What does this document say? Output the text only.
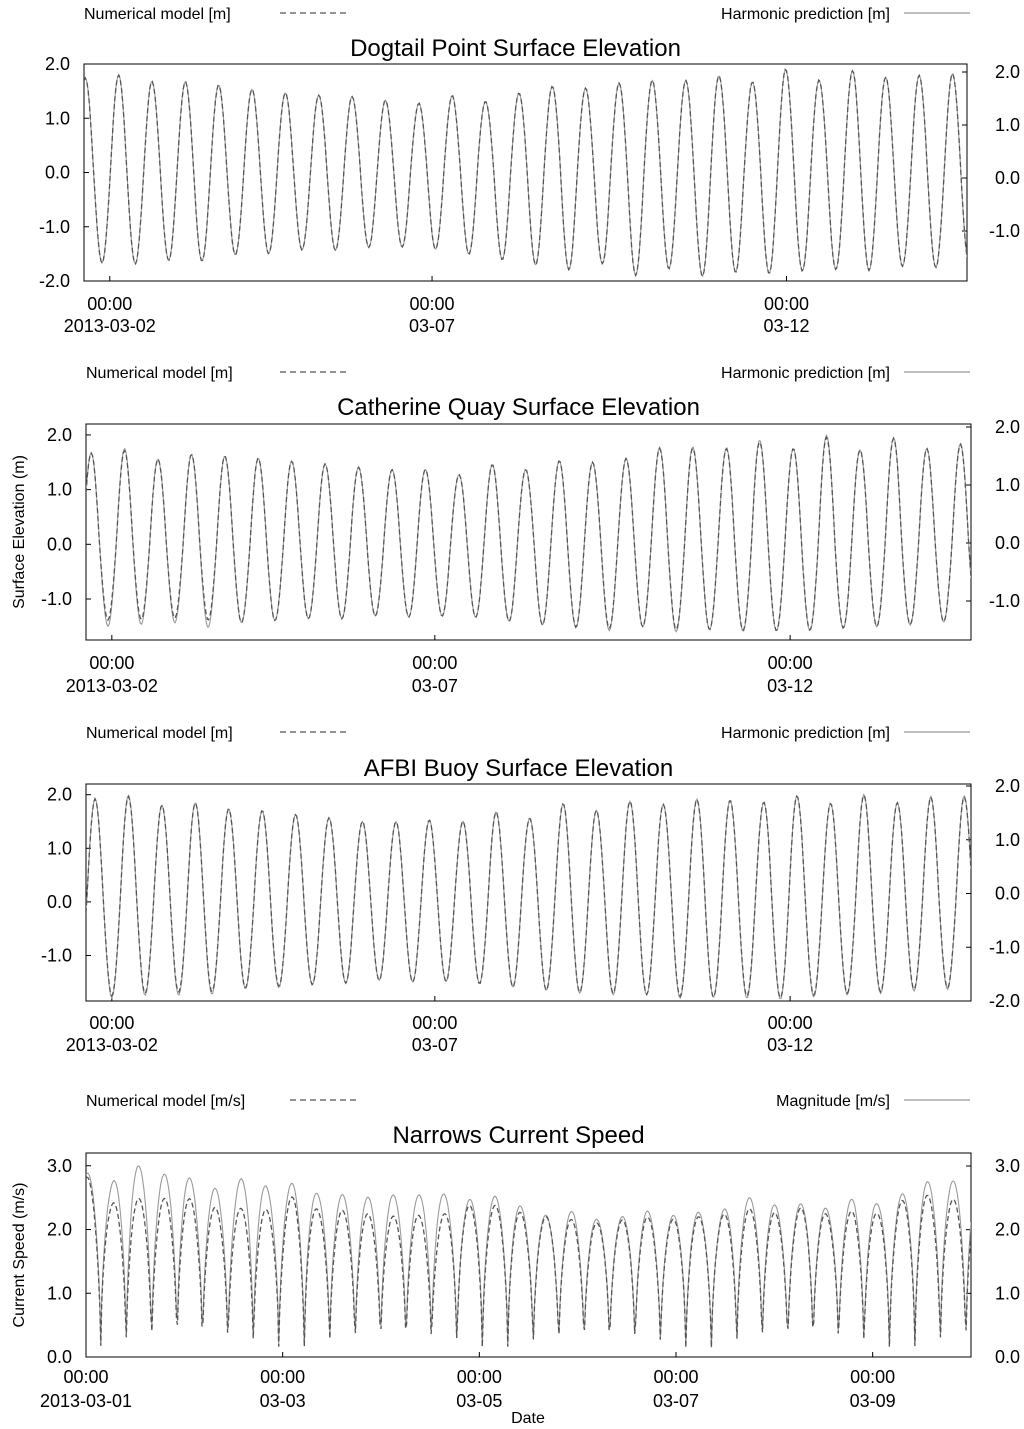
Numerical model [m]	Harmonic prediction [m]
Dogtail Point Surface Elevation
-2.0
-1.0
0.0
1.0
2.0	2.0
1.0
0.0
-1.0
00:00
2013-03-02
00:00
03-07
00:00
03-12
Numerical model [m]	Harmonic prediction [m]
Catherine Quay Surface Elevation
-1.0
0.0
1.0
2.0	2.0
1.0
0.0
-1.0
00:00
2013-03-02
00:00
03-07
00:00
03-12
Surface Elevation (m)
Numerical model [m]	Harmonic prediction [m]
AFBI Buoy Surface Elevation
-1.0
0.0
1.0
2.0	2.0
1.0
0.0
-1.0
-2.0
00:00
2013-03-02
00:00
03-07
00:00
03-12
Numerical model [m/s]	Magnitude [m/s]
Narrows Current Speed
0.0
1.0
2.0
3.0	3.0
2.0
1.0
0.0
00:00
2013-03-01
00:00
03-03
00:00
03-05
00:00
03-07
00:00
03-09
Current Speed (m/s)
Date
